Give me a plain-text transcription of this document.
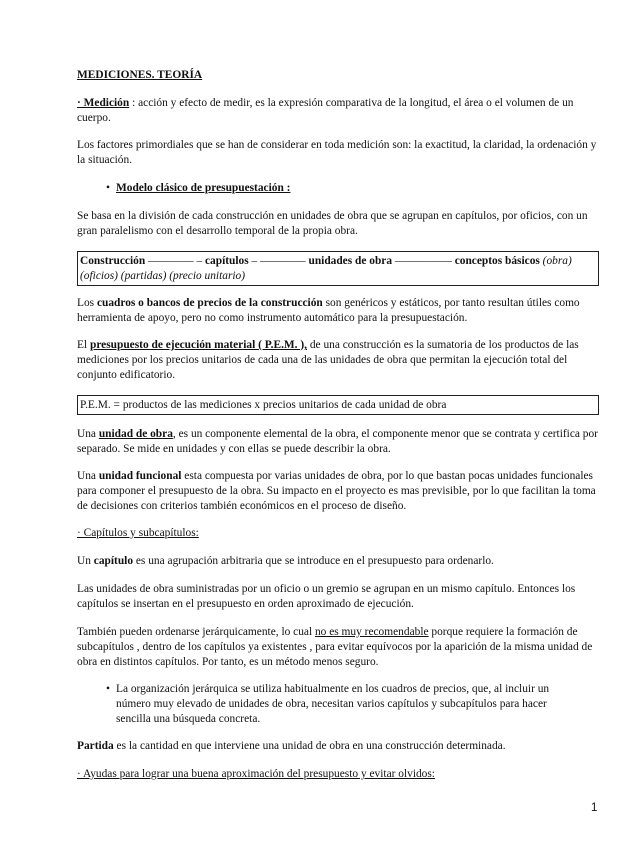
MEDICIONES. TEORÍA

· Medición : acción y efecto de medir, es la expresión comparativa de la longitud, el área o el volumen de un cuerpo.

Los factores primordiales que se han de considerar en toda medición son: la exactitud, la claridad, la ordenación y la situación.

• Modelo clásico de presupuestación :

Se basa en la división de cada construcción en unidades de obra que se agrupan en capítulos, por oficios, con un gran paralelismo con el desarrollo temporal de la propia obra.

Construcción ———— – capítulos – ———— unidades de obra ————— conceptos básicos (obra)
(oficios) (partidas) (precio unitario)

Los cuadros o bancos de precios de la construcción son genéricos y estáticos, por tanto resultan útiles como herramienta de apoyo, pero no como instrumento automático para la presupuestación.

El presupuesto de ejecución material ( P.E.M. ), de una construcción es la sumatoria de los productos de las mediciones por los precios unitarios de cada una de las unidades de obra que permitan la ejecución total del conjunto edificatorio.

P.E.M. = productos de las mediciones x precios unitarios de cada unidad de obra

Una unidad de obra, es un componente elemental de la obra, el componente menor que se contrata y certifica por separado. Se mide en unidades y con ellas se puede describir la obra.

Una unidad funcional esta compuesta por varias unidades de obra, por lo que bastan pocas unidades funcionales para componer el presupuesto de la obra. Su impacto en el proyecto es mas previsible, por lo que facilitan la toma de decisiones con criterios también económicos en el proceso de diseño.

· Capítulos y subcapítulos:

Un capítulo es una agrupación arbitraria que se introduce en el presupuesto para ordenarlo.

Las unidades de obra suministradas por un oficio o un gremio se agrupan en un mismo capítulo. Entonces los capítulos se insertan en el presupuesto en orden aproximado de ejecución.

También pueden ordenarse jerárquicamente, lo cual no es muy recomendable porque requiere la formación de subcapítulos , dentro de los capítulos ya existentes , para evitar equívocos por la aparición de la misma unidad de obra en distintos capítulos. Por tanto, es un método menos seguro.

• La organización jerárquica se utiliza habitualmente en los cuadros de precios, que, al incluir un número muy elevado de unidades de obra, necesitan varios capítulos y subcapítulos para hacer sencilla una búsqueda concreta.

Partida es la cantidad en que interviene una unidad de obra en una construcción determinada.

· Ayudas para lograr una buena aproximación del presupuesto y evitar olvidos:

1
